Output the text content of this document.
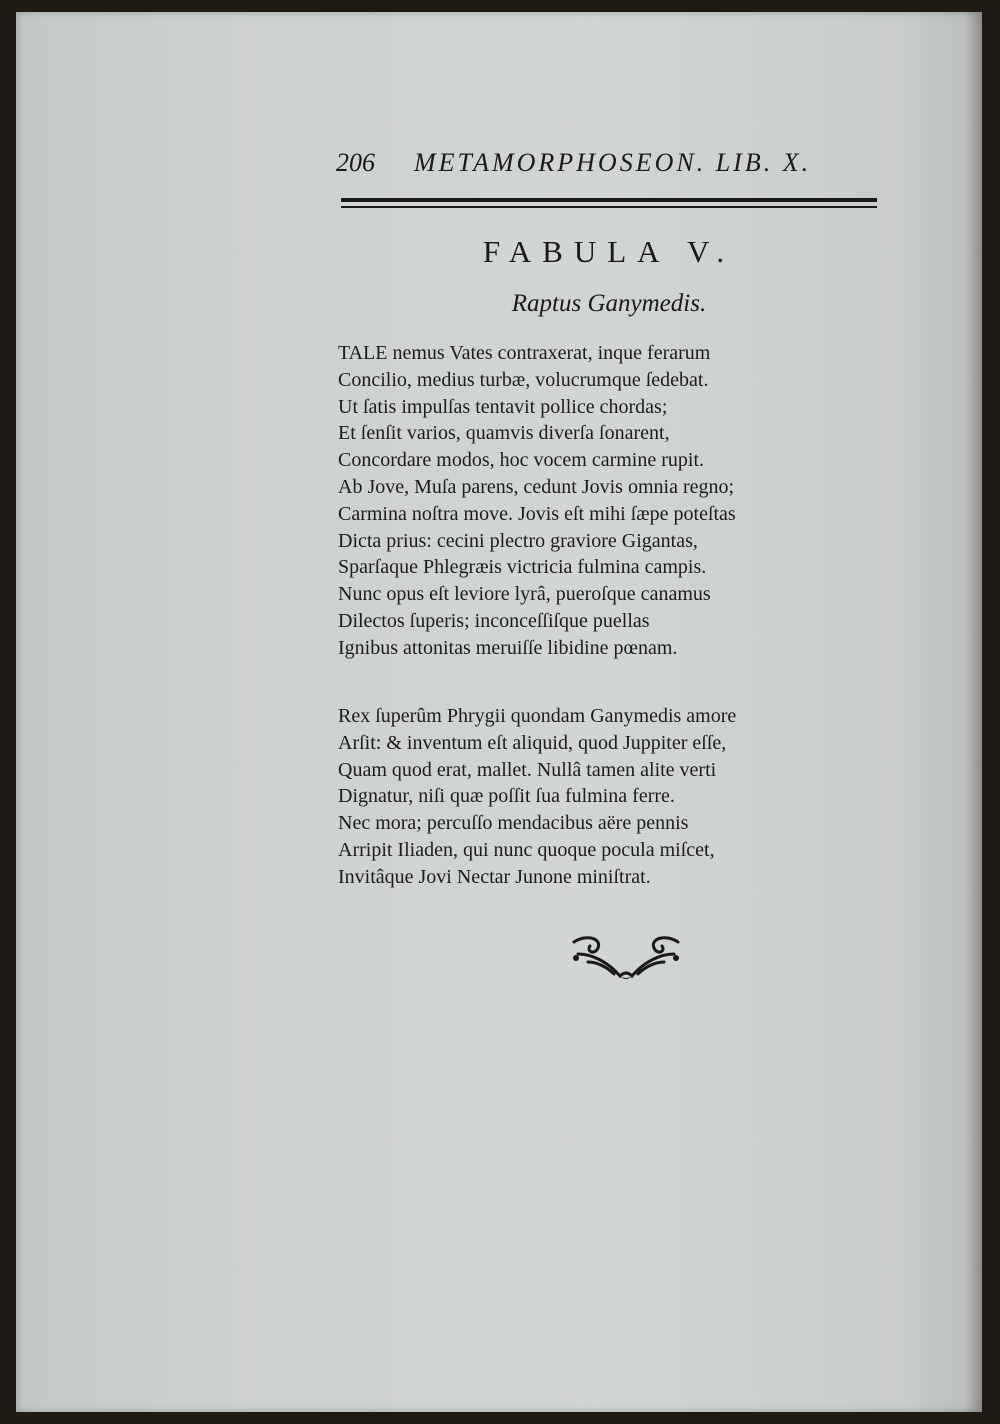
206 METAMORPHOSEON. LIB. X.
FABULA V.
Raptus Ganymedis.
TALE nemus Vates contraxerat, inque ferarum
Concilio, medius turbæ, volucrumque ſedebat.
Ut ſatis impulſas tentavit pollice chordas;
Et ſenſit varios, quamvis diverſa ſonarent,
Concordare modos, hoc vocem carmine rupit.
Ab Jove, Muſa parens, cedunt Jovis omnia regno;
Carmina noſtra move. Jovis eſt mihi ſæpe poteſtas
Dicta prius: cecini plectro graviore Gigantas,
Sparſaque Phlegræis victricia fulmina campis.
Nunc opus eſt leviore lyrâ, pueroſque canamus
Dilectos ſuperis; inconceſſiſque puellas
Ignibus attonitas meruiſſe libidine pœnam.
Rex ſuperûm Phrygii quondam Ganymedis amore
Arſit: & inventum eſt aliquid, quod Juppiter eſſe,
Quam quod erat, mallet. Nullâ tamen alite verti
Dignatur, niſi quæ poſſit ſua fulmina ferre.
Nec mora; percuſſo mendacibus aëre pennis
Arripit Iliaden, qui nunc quoque pocula miſcet,
Invitâque Jovi Nectar Junone miniſtrat.
